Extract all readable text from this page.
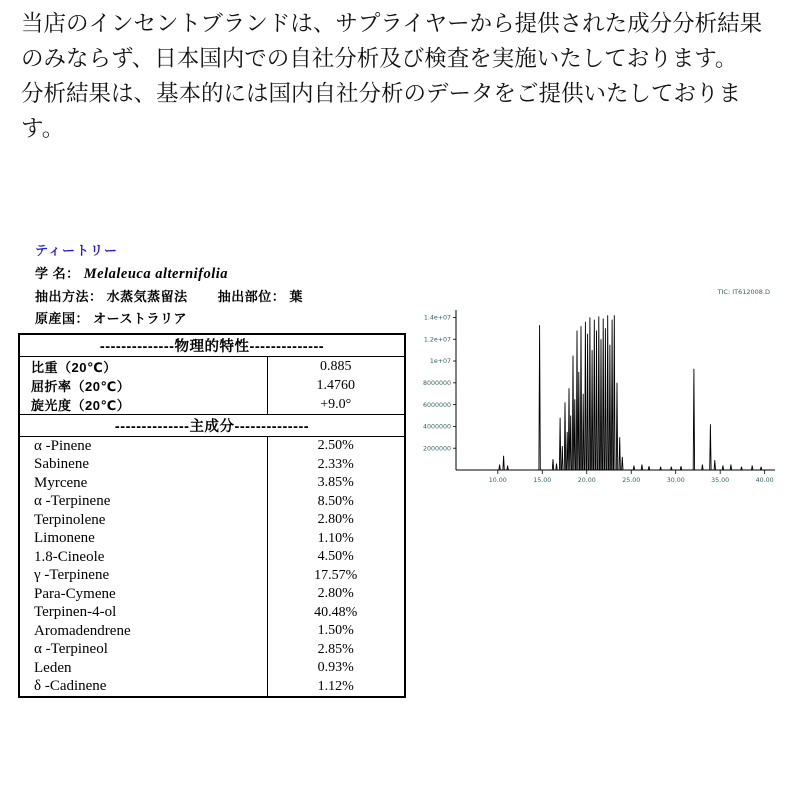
当店のインセントブランドは、サプライヤーから提供された成分分析結果のみならず、日本国内での自社分析及び検査を実施いたしております。

分析結果は、基本的には国内自社分析のデータをご提供いたしております。

ティートリー
学 名： Melaleuca alternifolia
抽出方法： 水蒸気蒸留法 抽出部位： 葉
原産国： オーストラリア
--------------物理的特性--------------	
比重（20℃）	0.885
屈折率（20℃）	1.4760
旋光度（20℃）	+9.0°
--------------主成分--------------	
α -Pinene	2.50%
Sabinene	2.33%
Myrcene	3.85%
α -Terpinene	8.50%
Terpinolene	2.80%
Limonene	1.10%
1.8-Cineole	4.50%
γ -Terpinene	17.57%
Para-Cymene	2.80%
Terpinen-4-ol	40.48%
Aromadendrene	1.50%
α -Terpineol	2.85%
Leden	0.93%
δ -Cadinene	1.12%
TIC: IT612008.D
2000000
4000000
6000000
8000000
1e+07
1.2e+07
1.4e+07
10.00	15.00	20.00	25.00	30.00	35.00	40.00
